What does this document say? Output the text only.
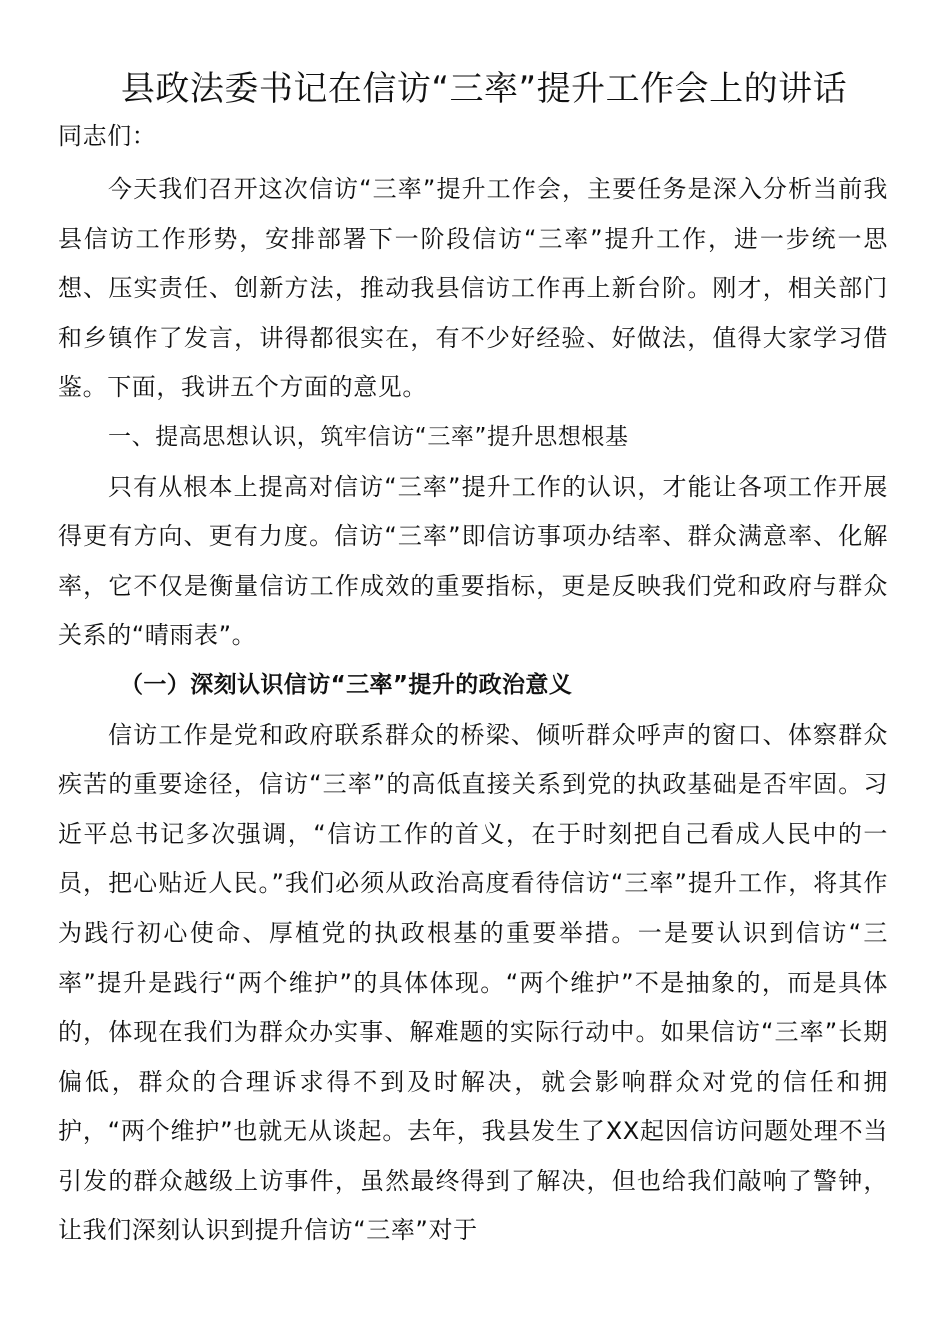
县政法委书记在信访“三率”提升工作会上的讲话

同志们：

今天我们召开这次信访“三率”提升工作会，主要任务是深入分析当前我县信访工作形势，安排部署下一阶段信访“三率”提升工作，进一步统一思想、压实责任、创新方法，推动我县信访工作再上新台阶。刚才，相关部门和乡镇作了发言，讲得都很实在，有不少好经验、好做法，值得大家学习借鉴。下面，我讲五个方面的意见。

一、提高思想认识，筑牢信访“三率”提升思想根基

只有从根本上提高对信访“三率”提升工作的认识，才能让各项工作开展得更有方向、更有力度。信访“三率”即信访事项办结率、群众满意率、化解率，它不仅是衡量信访工作成效的重要指标，更是反映我们党和政府与群众关系的“晴雨表”。

（一）深刻认识信访“三率”提升的政治意义

信访工作是党和政府联系群众的桥梁、倾听群众呼声的窗口、体察群众疾苦的重要途径，信访“三率”的高低直接关系到党的执政基础是否牢固。习近平总书记多次强调，“信访工作的首义，在于时刻把自己看成人民中的一员，把心贴近人民。”我们必须从政治高度看待信访“三率”提升工作，将其作为践行初心使命、厚植党的执政根基的重要举措。一是要认识到信访“三率”提升是践行“两个维护”的具体体现。“两个维护”不是抽象的，而是具体的，体现在我们为群众办实事、解难题的实际行动中。如果信访“三率”长期偏低，群众的合理诉求得不到及时解决，就会影响群众对党的信任和拥护，“两个维护”也就无从谈起。去年，我县发生了XX起因信访问题处理不当引发的群众越级上访事件，虽然最终得到了解决，但也给我们敲响了警钟，让我们深刻认识到提升信访“三率”对于
